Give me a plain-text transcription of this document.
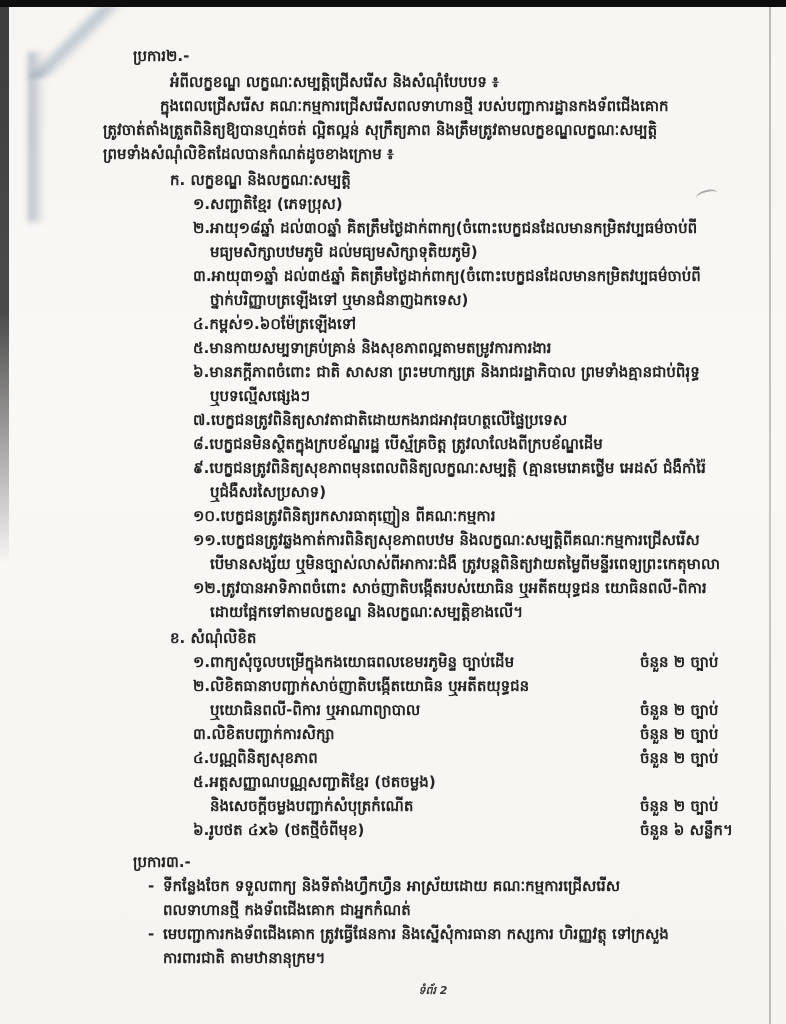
ប្រការ២.-
អំពីលក្ខខណ្ឌ លក្ខណៈសម្បត្តិជ្រើសរើស និងសំណុំបែបបទ ៖
ក្នុងពេលជ្រើសរើស គណៈកម្មការជ្រើសរើសពលទាហានថ្មី របស់បញ្ជាការដ្ឋានកងទ័ពជើងគោក
ត្រូវចាត់តាំងត្រួតពិនិត្យឱ្យបានហ្មត់ចត់ ល្អិតល្អន់ សុក្រឹត្យភាព និងត្រឹមត្រូវតាមលក្ខខណ្ឌលក្ខណៈសម្បត្តិ
ព្រមទាំងសំណុំលិខិតដែលបានកំណត់ដូចខាងក្រោម ៖
ក. លក្ខខណ្ឌ និងលក្ខណៈសម្បត្តិ
១.សញ្ជាតិខ្មែរ (ភេទប្រុស)
២.អាយុ១៨ឆ្នាំ ដល់៣០ឆ្នាំ គិតត្រឹមថ្ងៃដាក់ពាក្យ(ចំពោះបេក្ខជនដែលមានកម្រិតវប្បធម៌ចាប់ពី
មធ្យមសិក្សាបឋមភូមិ ដល់មធ្យមសិក្សាទុតិយភូមិ)
៣.អាយុ៣១ឆ្នាំ ដល់៣៥ឆ្នាំ គិតត្រឹមថ្ងៃដាក់ពាក្យ(ចំពោះបេក្ខជនដែលមានកម្រិតវប្បធម៌ចាប់ពី
ថ្នាក់បរិញ្ញាបត្រឡើងទៅ ឬមានជំនាញឯកទេស)
៤.កម្ពស់១.៦០ម៉ែត្រឡើងទៅ
៥.មានកាយសម្បទាគ្រប់គ្រាន់ និងសុខភាពល្អតាមតម្រូវការការងារ
៦.មានភក្តីភាពចំពោះ ជាតិ សាសនា ព្រះមហាក្សត្រ និងរាជរដ្ឋាភិបាល ព្រមទាំងគ្មានជាប់ពិរុទ្ធ
ឬបទល្មើសផ្សេងៗ
៧.បេក្ខជនត្រូវពិនិត្យសាវតាជាតិដោយកងរាជអាវុធហត្ថលើផ្ទៃប្រទេស
៨.បេក្ខជនមិនស្ថិតក្នុងក្របខ័ណ្ឌរដ្ឋ បើស្ម័គ្រចិត្ត ត្រូវលាលែងពីក្របខ័ណ្ឌដើម
៩.បេក្ខជនត្រូវពិនិត្យសុខភាពមុនពេលពិនិត្យលក្ខណៈសម្បត្តិ (គ្មានមេរោគថ្លើម អេដស៍ ជំងឺកាំរ៉ៃ
ឬជំងឺសរសៃប្រសាទ)
១០.បេក្ខជនត្រូវពិនិត្យរកសារធាតុញៀន ពីគណៈកម្មការ
១១.បេក្ខជនត្រូវឆ្លងកាត់ការពិនិត្យសុខភាពបឋម និងលក្ខណៈសម្បត្តិពីគណៈកម្មការជ្រើសរើស
បើមានសង្ស័យ ឬមិនច្បាស់លាស់ពីអាការៈជំងឺ ត្រូវបន្តពិនិត្យវាយតម្លៃពីមន្ទីរពេទ្យព្រះកេតុមាលា
១២.ត្រូវបានអាទិភាពចំពោះ សាច់ញាតិបង្កើតរបស់យោធិន ឬអតីតយុទ្ធជន យោធិនពលី-ពិការ
ដោយផ្អែកទៅតាមលក្ខខណ្ឌ និងលក្ខណៈសម្បត្តិខាងលើ។
ខ. សំណុំលិខិត
១.ពាក្យសុំចូលបម្រើក្នុងកងយោធពលខេមរភូមិន្ទ ច្បាប់ដើម	ចំនួន ២ ច្បាប់
២.លិខិតធានាបញ្ជាក់សាច់ញាតិបង្កើតយោធិន ឬអតីតយុទ្ធជន
ឬយោធិនពលី-ពិការ ឬអាណាព្យាបាល	ចំនួន ២ ច្បាប់
៣.លិខិតបញ្ជាក់ការសិក្សា	ចំនួន ២ ច្បាប់
៤.បណ្ណពិនិត្យសុខភាព	ចំនួន ២ ច្បាប់
៥.អត្តសញ្ញាណបណ្ណសញ្ជាតិខ្មែរ (ថតចម្លង)
និងសេចក្តីចម្លងបញ្ជាក់សំបុត្រកំណើត	ចំនួន ២ ច្បាប់
៦.រូបថត ៤x៦ (ថតថ្មីចំពីមុខ)	ចំនួន ៦ សន្លឹក។
ប្រការ៣.-
- ទីកន្លែងចែក ទទួលពាក្យ និងទីតាំងហ្វឹកហ្វឺន អាស្រ័យដោយ គណៈកម្មការជ្រើសរើស
ពលទាហានថ្មី កងទ័ពជើងគោក ជាអ្នកកំណត់
- មេបញ្ជាការកងទ័ពជើងគោក ត្រូវធ្វើផែនការ និងស្នើសុំការធានា កស្សការ ហិរញ្ញវត្ថុ ទៅក្រសួង
ការពារជាតិ តាមឋានានុក្រម។
ទំព័រ 2
